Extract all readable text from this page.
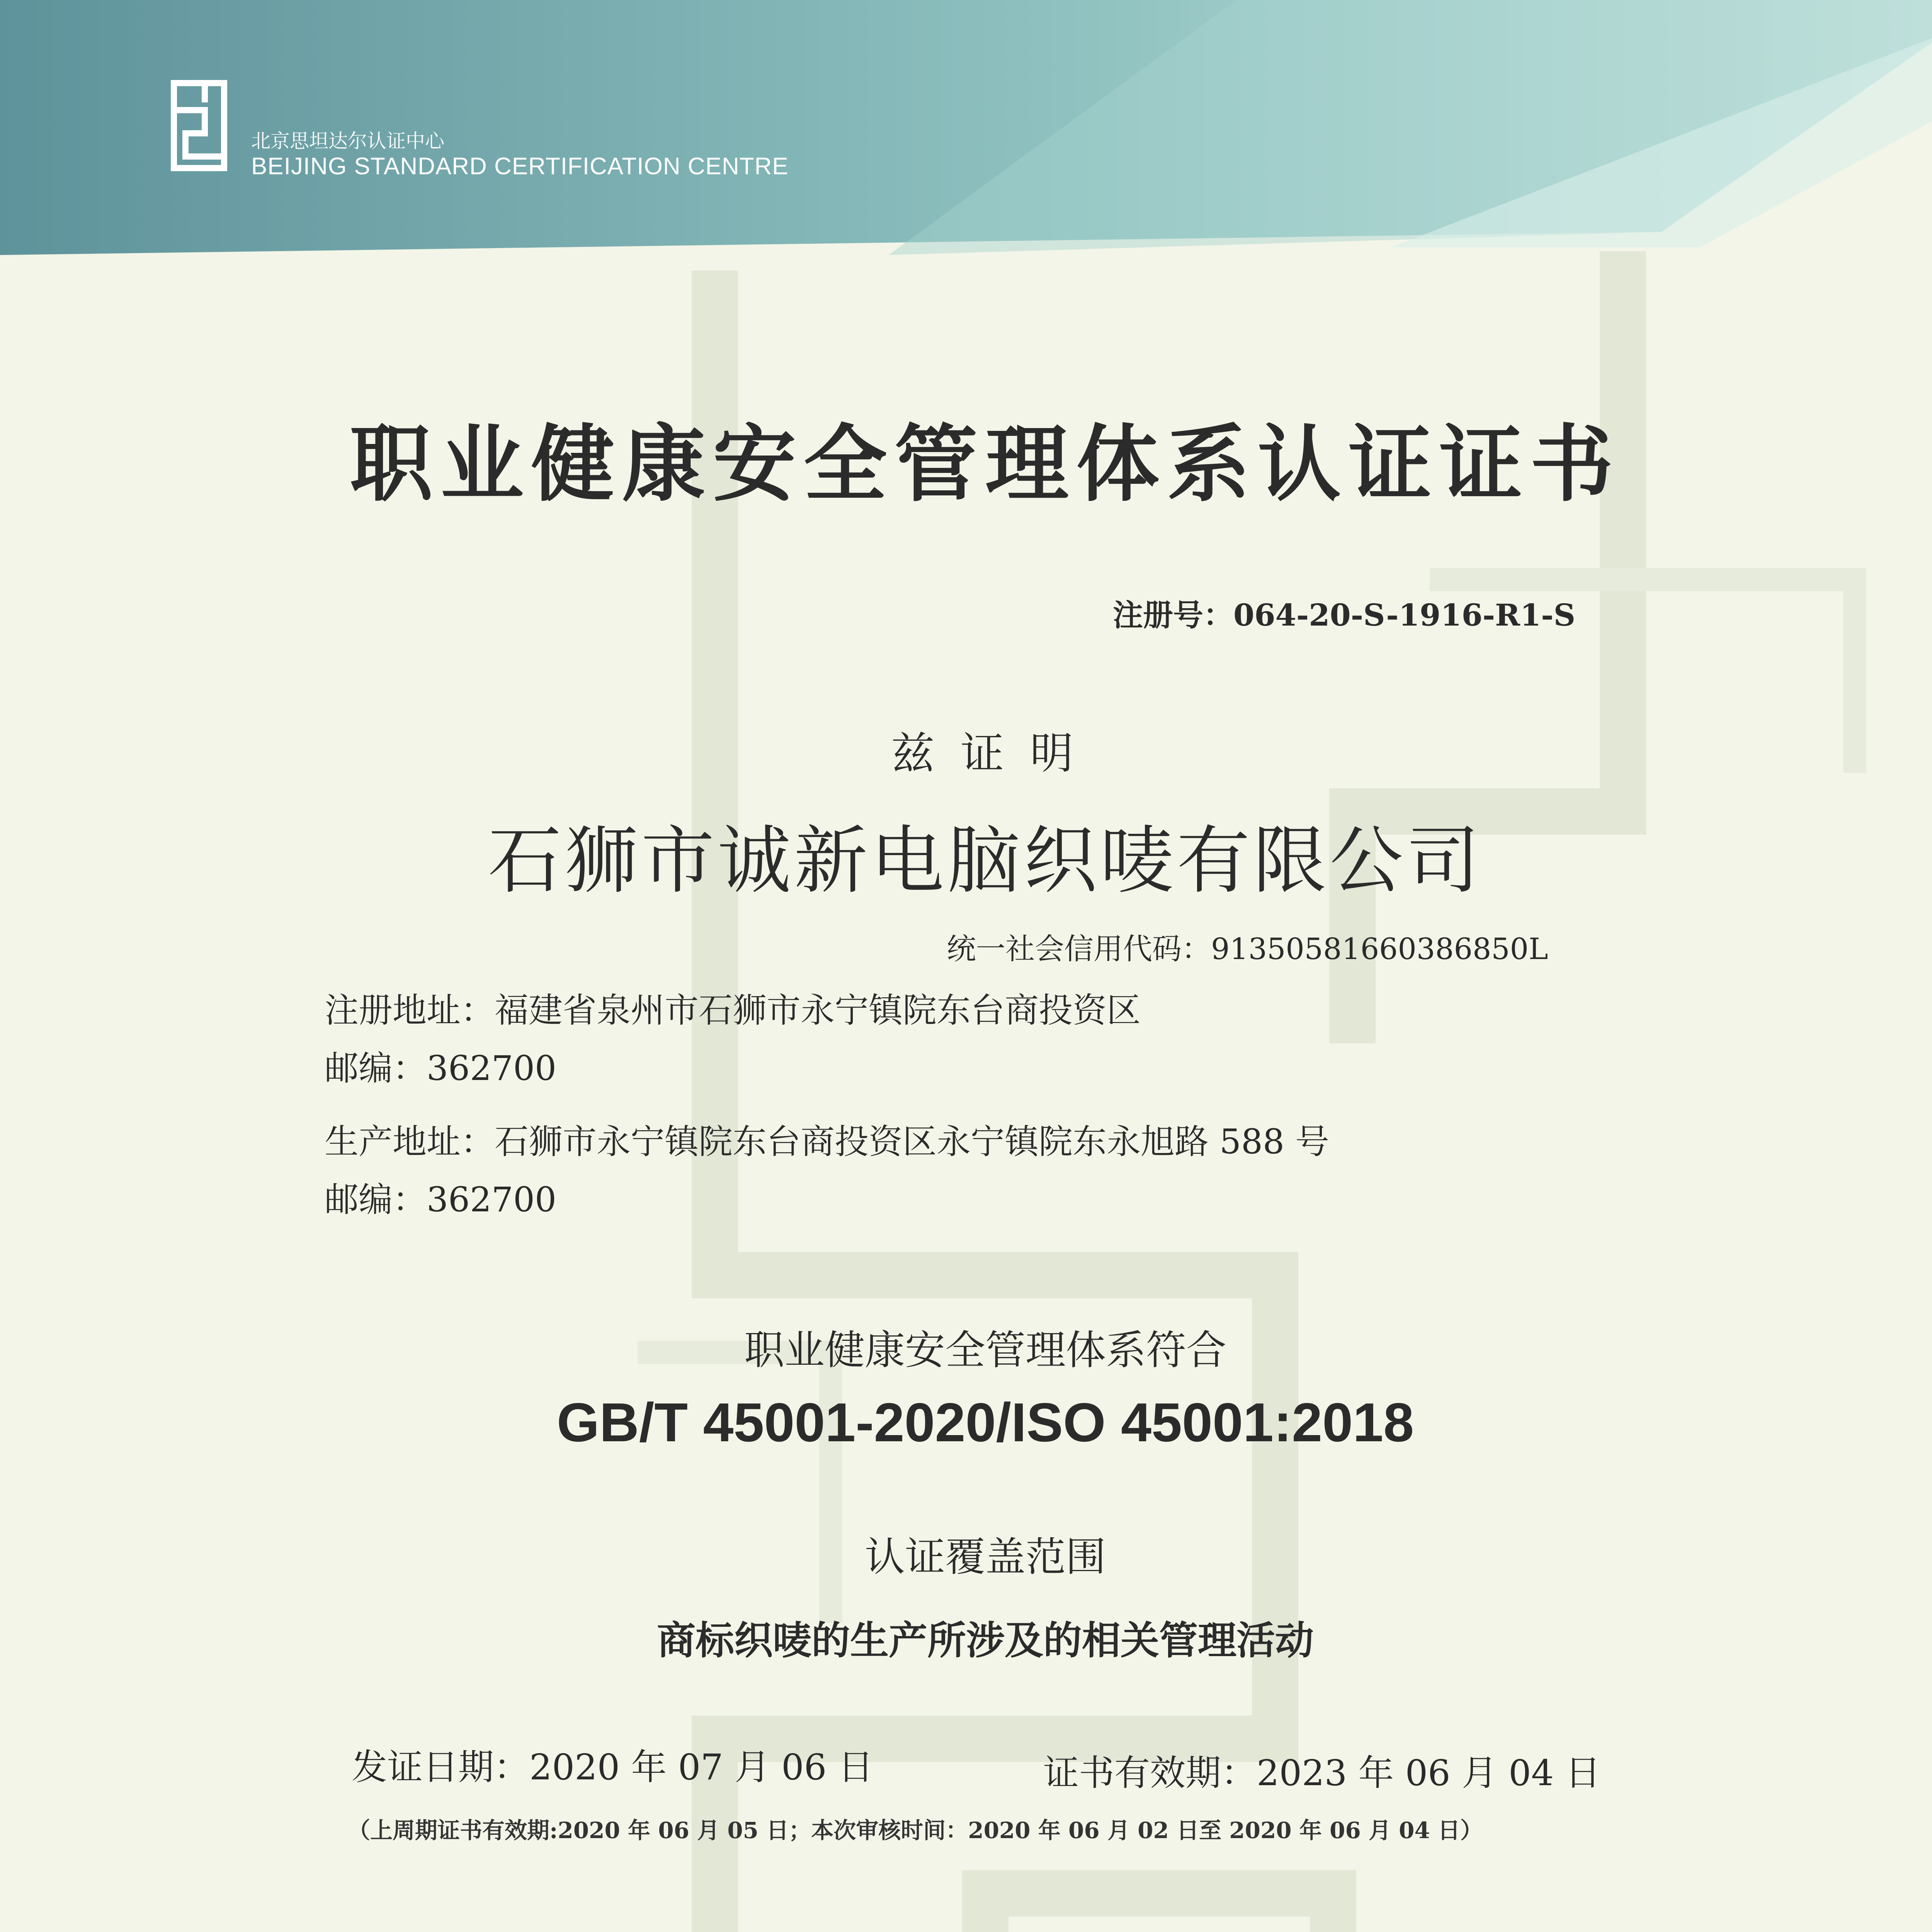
北京思坦达尔认证中心
BEIJING STANDARD CERTIFICATION CENTRE
职业健康安全管理体系认证证书
注册号：064-20-S-1916-R1-S
兹 证 明
石狮市诚新电脑织唛有限公司
统一社会信用代码：91350581660386850L
注册地址：福建省泉州市石狮市永宁镇院东台商投资区
邮编：362700
生产地址：石狮市永宁镇院东台商投资区永宁镇院东永旭路 588 号
邮编：362700
职业健康安全管理体系符合
GB/T 45001-2020/ISO 45001:2018
认证覆盖范围
商标织唛的生产所涉及的相关管理活动
发证日期：2020 年 07 月 06 日	证书有效期：2023 年 06 月 04 日
（上周期证书有效期:2020 年 06 月 05 日；本次审核时间：2020 年 06 月 02 日至 2020 年 06 月 04 日）
